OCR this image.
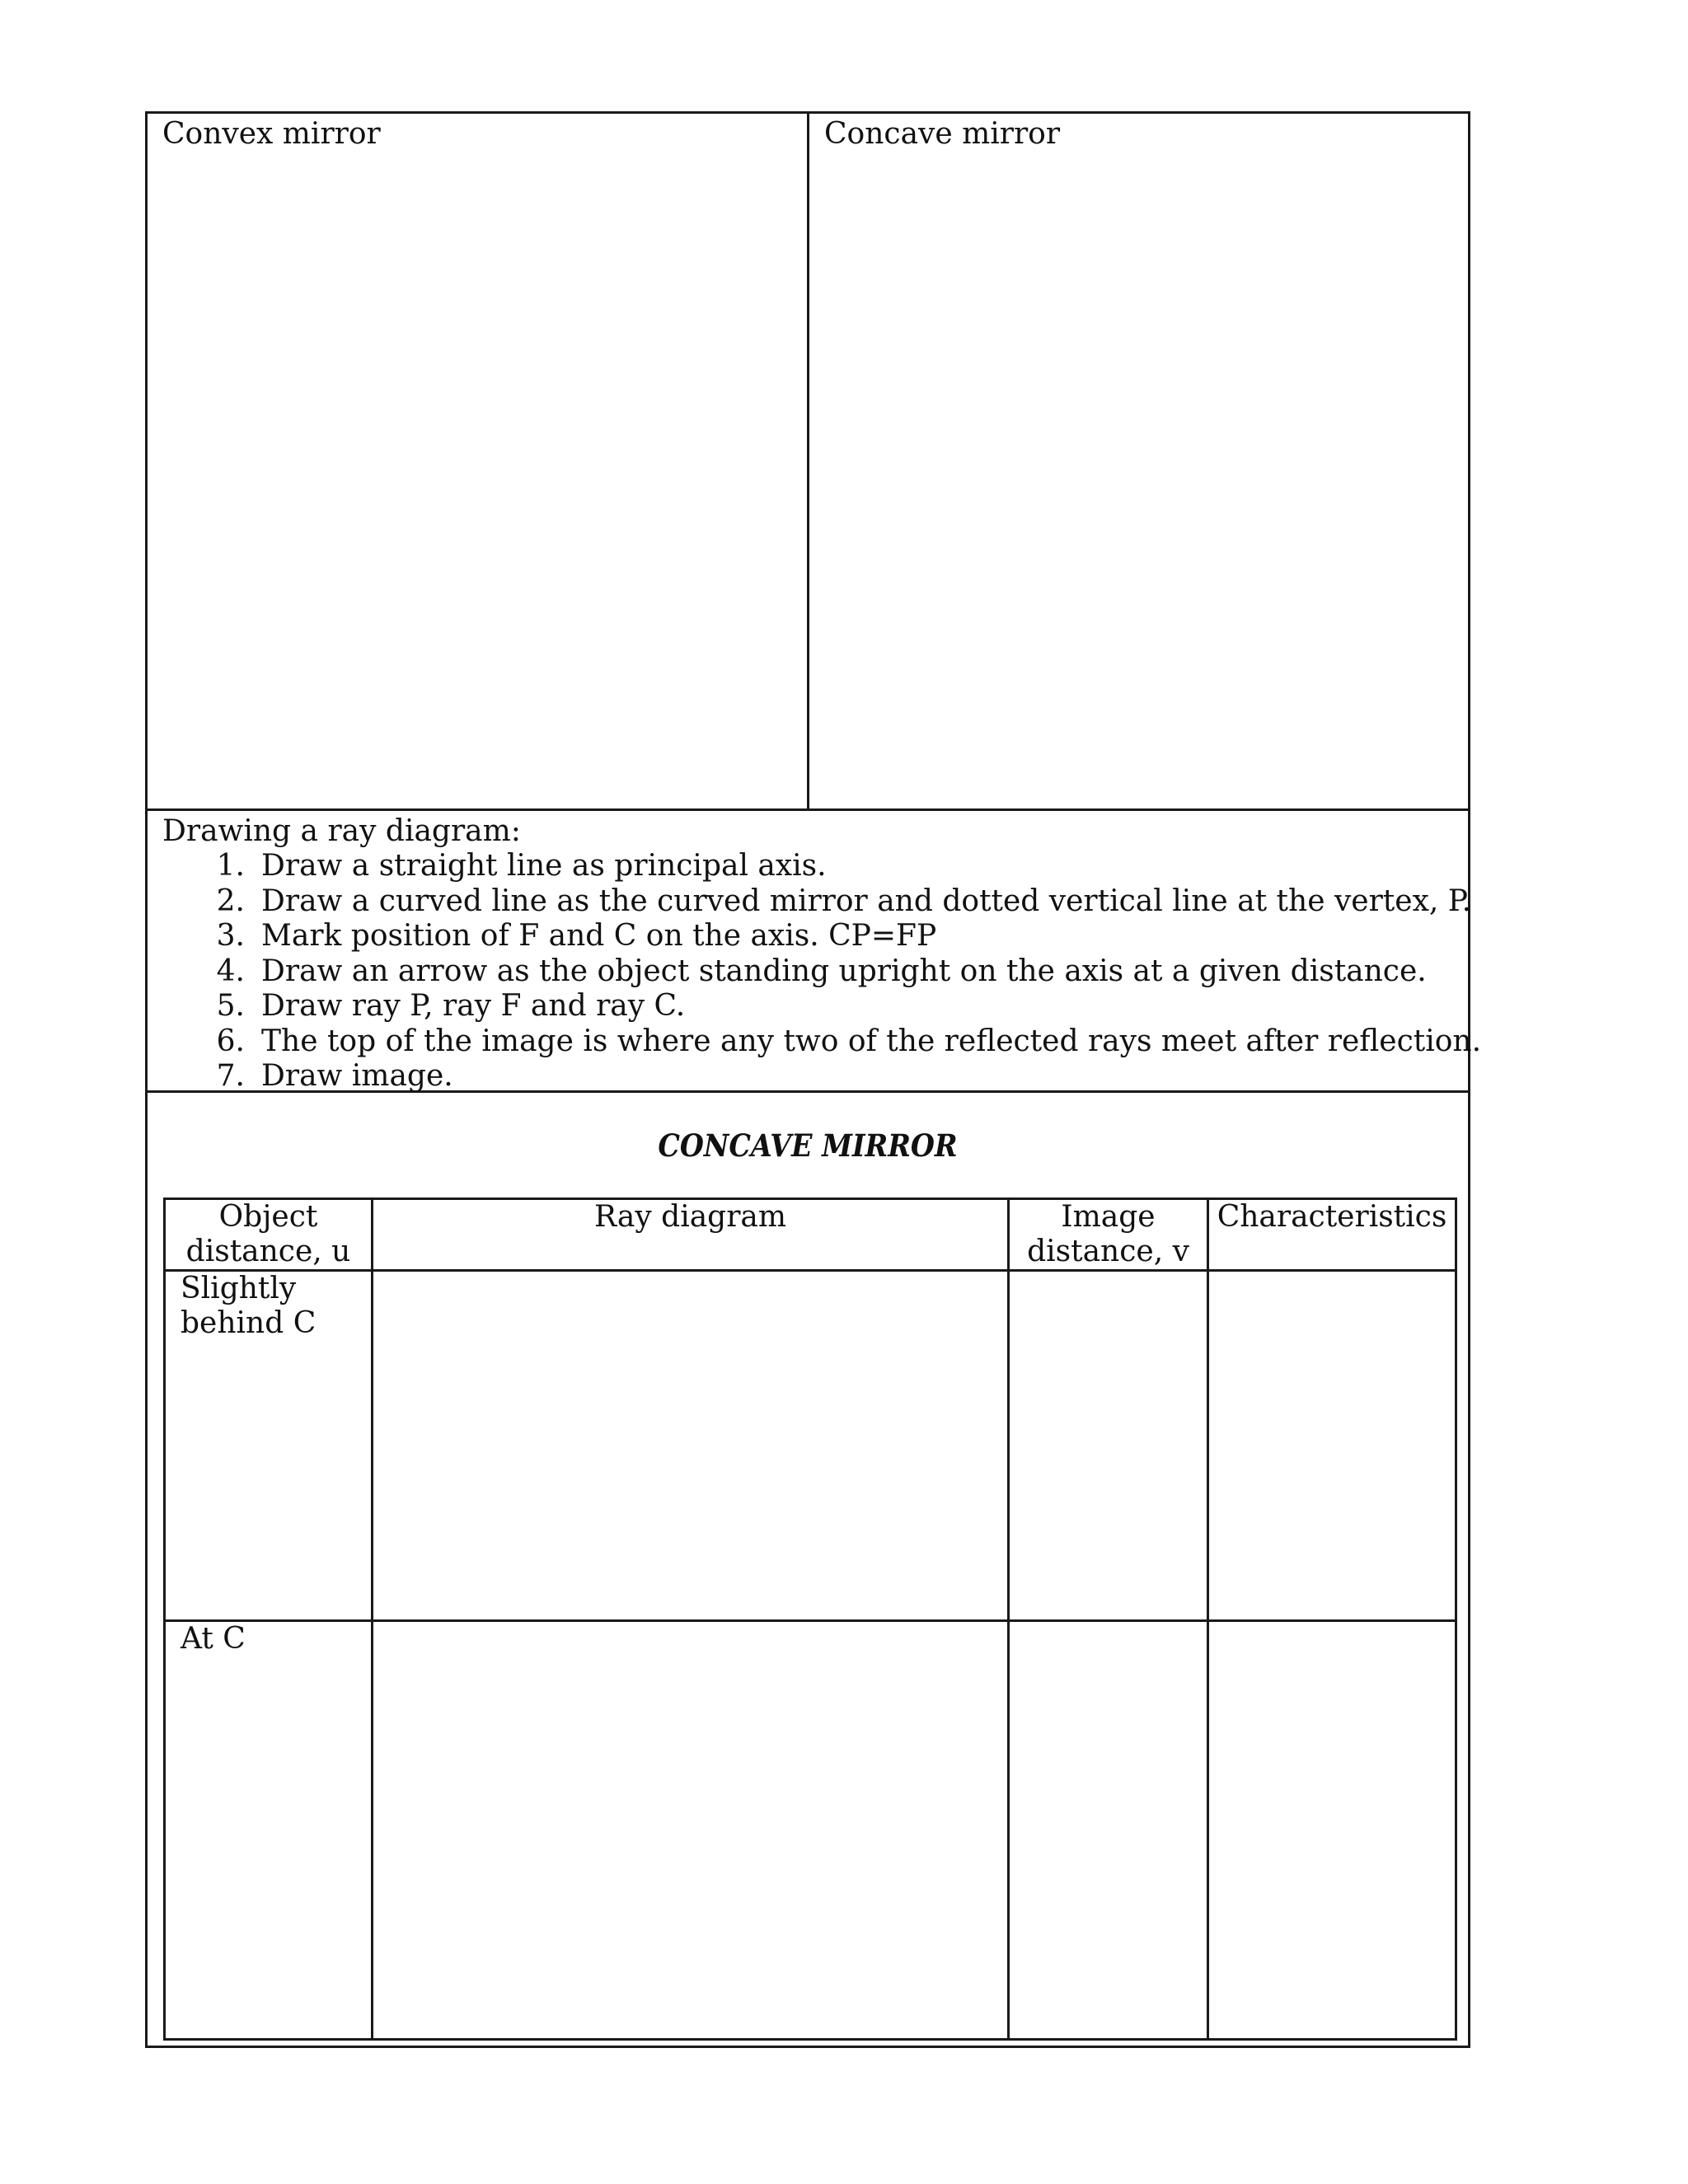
Convex mirror	Concave mirror
Drawing a ray diagram:
1. Draw a straight line as principal axis.
2. Draw a curved line as the curved mirror and dotted vertical line at the vertex, P.
3. Mark position of F and C on the axis. CP=FP
4. Draw an arrow as the object standing upright on the axis at a given distance.
5. Draw ray P, ray F and ray C.
6. The top of the image is where any two of the reflected rays meet after reflection.
7. Draw image.
CONCAVE MIRROR
Object distance, u	Ray diagram	Image distance, v	Characteristics
Slightly behind C			
At C			
